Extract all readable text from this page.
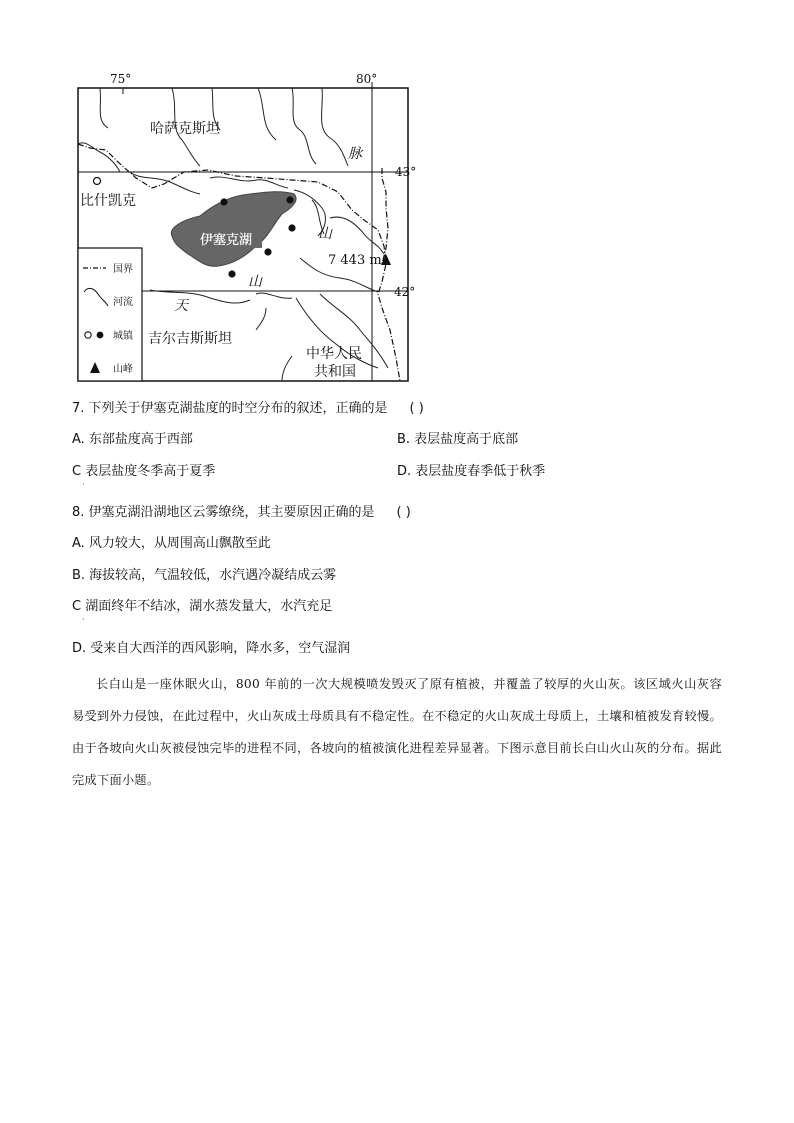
75°	80°
43°
42°
伊塞克湖
7 443 m
哈萨克斯坦
比什凯克
吉尔吉斯斯坦
中华人民
共和国
脉
山
山
天
国界
河流
城镇
山峰
7. 下列关于伊塞克湖盐度的时空分布的叙述，正确的是 ( )
A. 东部盐度高于西部	B. 表层盐度高于底部
C 表层盐度冬季高于夏季
·
D. 表层盐度春季低于秋季
8. 伊塞克湖沿湖地区云雾缭绕，其主要原因正确的是 ( )
A. 风力较大，从周围高山飘散至此
B. 海拔较高，气温较低，水汽遇冷凝结成云雾
C 湖面终年不结冰，湖水蒸发量大，水汽充足
·
D. 受来自大西洋的西风影响，降水多，空气湿润
长白山是一座休眠火山，800 年前的一次大规模喷发毁灭了原有植被，并覆盖了较厚的火山灰。该区域火山灰容易受到外力侵蚀，在此过程中，火山灰成土母质具有不稳定性。在不稳定的火山灰成土母质上，土壤和植被发育较慢。由于各坡向火山灰被侵蚀完毕的进程不同，各坡向的植被演化进程差异显著。下图示意目前长白山火山灰的分布。据此完成下面小题。
